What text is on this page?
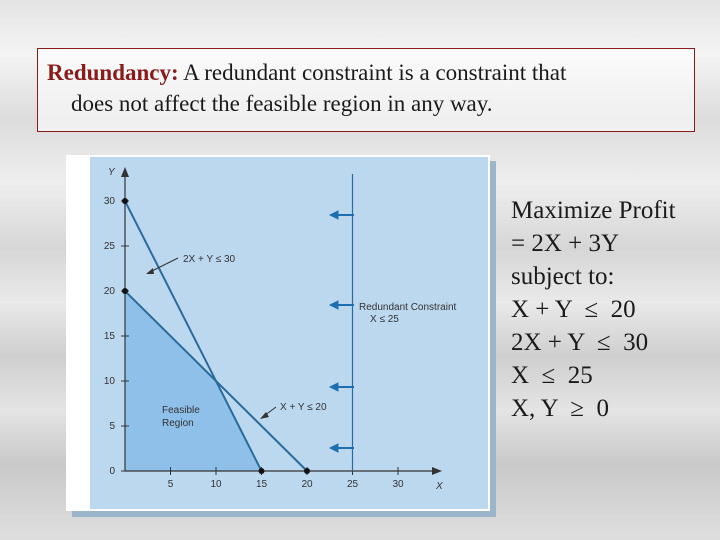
Redundancy: A redundant constraint is a constraint that
does not affect the feasible region in any way.
Y
X
5	10	15	20	25	30
0
5
10
15
20
25
30
2X + Y ≤ 30
X + Y ≤ 20
Redundant Constraint
X ≤ 25
Feasible
Region
Maximize Profit
= 2X + 3Y
subject to:
X + Y  ≤  20
2X + Y  ≤  30
X  ≤  25
X, Y  ≥  0
